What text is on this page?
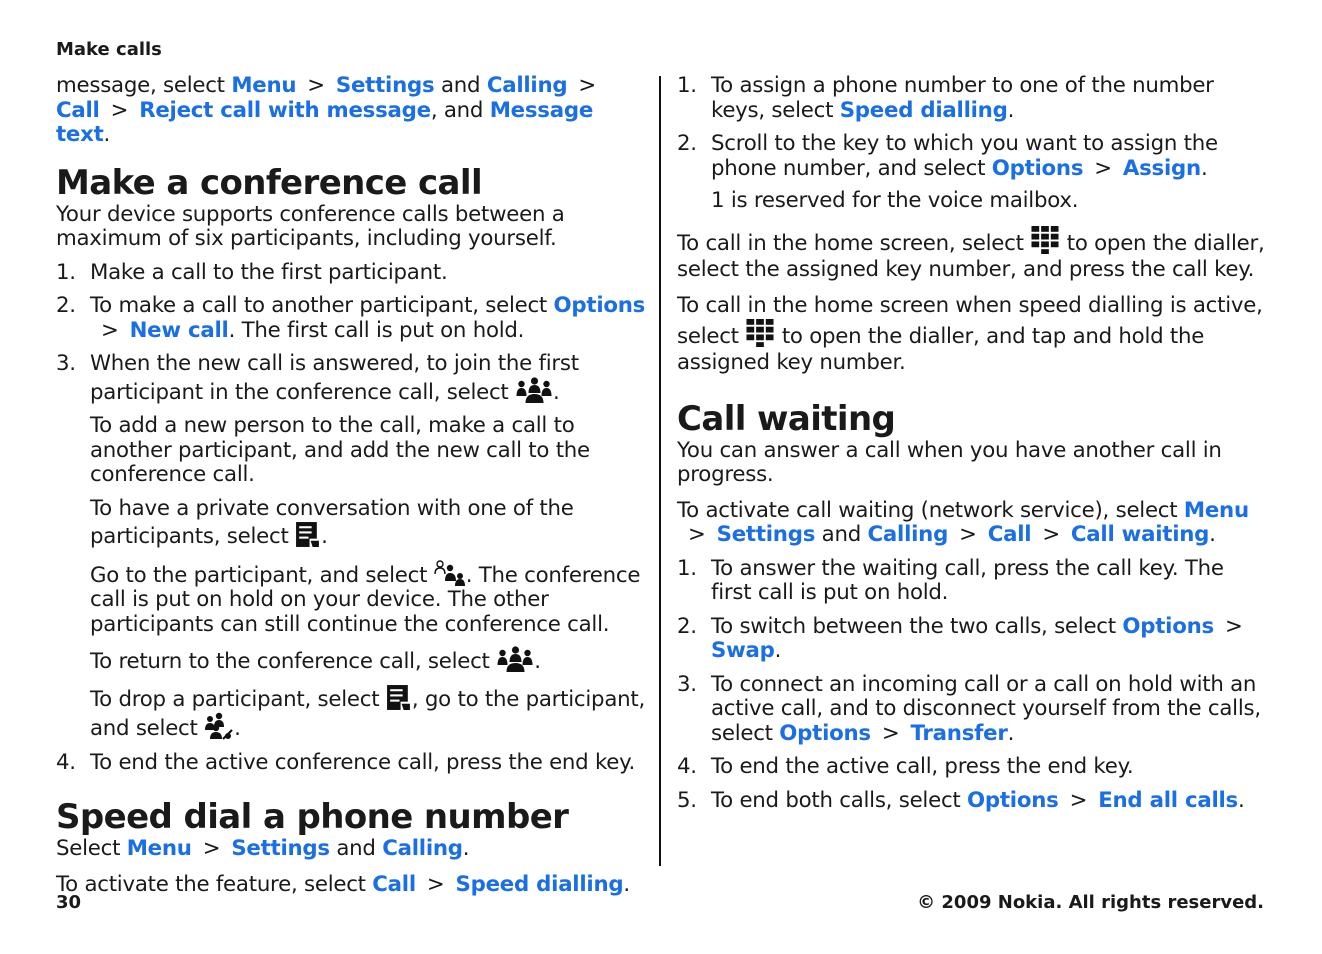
Make calls

message, select Menu > Settings and Calling >Call > Reject call with message, and Message text.

Make a conference call

Your device supports conference calls between a maximum of six participants, including yourself.

1. Make a call to the first participant.
2. To make a call to another participant, select Options> New call. The first call is put on hold.
3. When the new call is answered, to join the first participant in the conference call, select .

To add a new person to the call, make a call to another participant, and add the new call to the conference call.

To have a private conversation with one of the participants, select .

Go to the participant, and select . The conference call is put on hold on your device. The other participants can still continue the conference call.

To return to the conference call, select .

To drop a participant, select , go to the participant, and select .

4. To end the active conference call, press the end key.
Speed dial a phone number

Select Menu > Settings and Calling.

To activate the feature, select Call > Speed dialling.

1. To assign a phone number to one of the number keys, select Speed dialling.
2. Scroll to the key to which you want to assign the phone number, and select Options > Assign.

1 is reserved for the voice mailbox.

To call in the home screen, select  to open the dialler, select the assigned key number, and press the call key.

To call in the home screen when speed dialling is active, select  to open the dialler, and tap and hold the assigned key number.

Call waiting

You can answer a call when you have another call in progress.

To activate call waiting (network service), select Menu> Settings and Calling > Call > Call waiting.

1. To answer the waiting call, press the call key. The first call is put on hold.
2. To switch between the two calls, select Options >Swap.
3. To connect an incoming call or a call on hold with an active call, and to disconnect yourself from the calls, select Options > Transfer.
4. To end the active call, press the end key.
5. To end both calls, select Options > End all calls.
30	© 2009 Nokia. All rights reserved.
